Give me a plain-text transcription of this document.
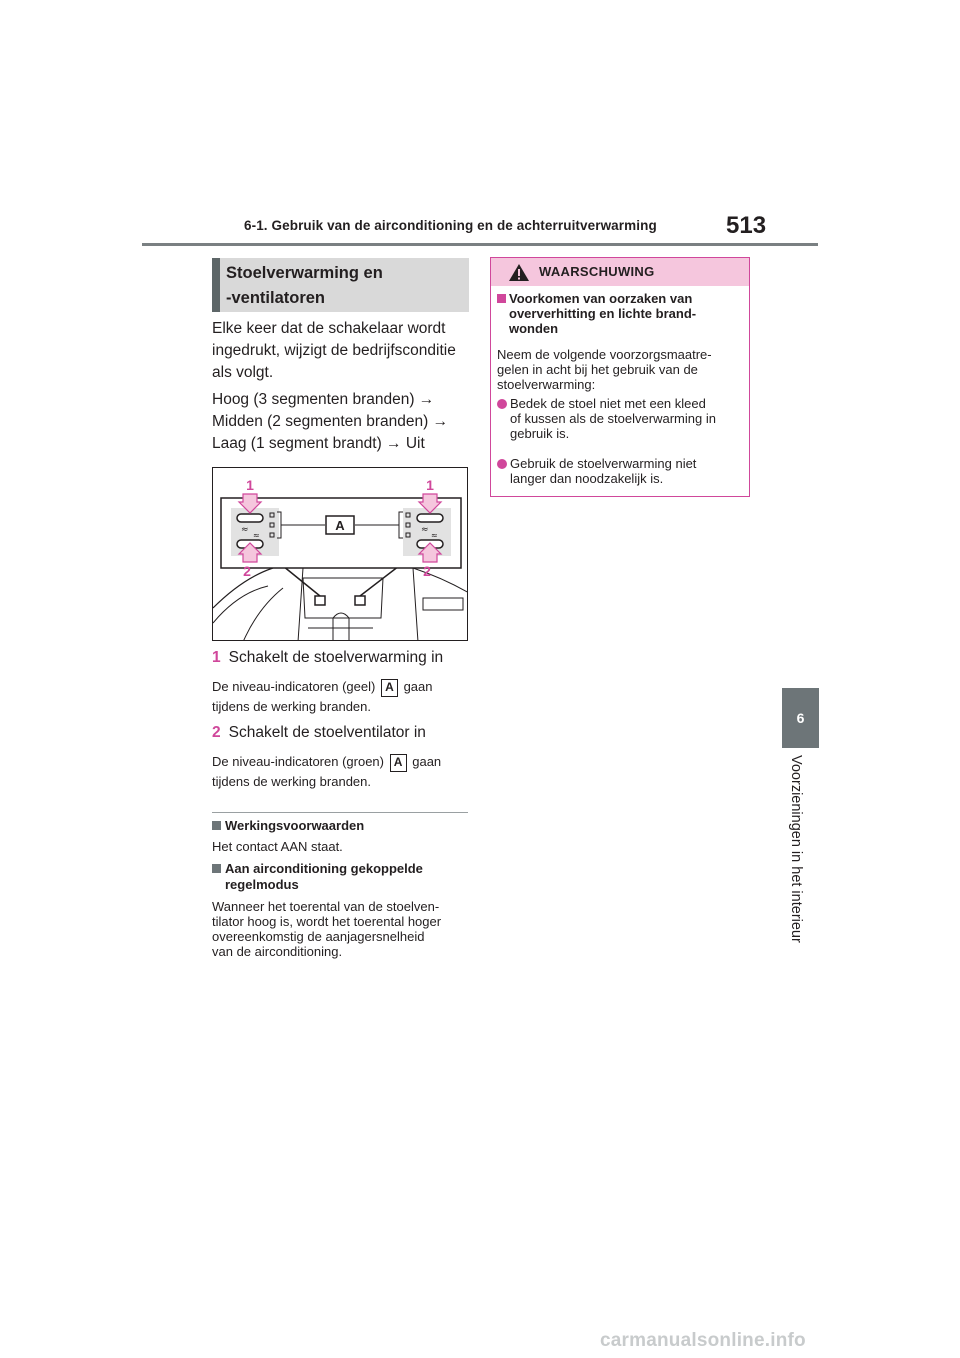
6-1. Gebruik van de airconditioning en de achterruitverwarming	513
6
Voorzieningen in het interieur
Stoelverwarming en
-ventilatoren
Elke keer dat de schakelaar wordt
ingedrukt, wijzigt de bedrijfsconditie
als volgt.
Hoog (3 segmenten branden) →
Midden (2 segmenten branden) →
Laag (1 segment brandt) → Uit
≈
≈
≈
≈
A
1	1
2	2
1 Schakelt de stoelverwarming in
De niveau-indicatoren (geel) A gaan
tijdens de werking branden.
2 Schakelt de stoelventilator in
De niveau-indicatoren (groen) A gaan
tijdens de werking branden.
Werkingsvoorwaarden
Het contact AAN staat.
Aan airconditioning gekoppelde
regelmodus
Wanneer het toerental van de stoelven-
tilator hoog is, wordt het toerental hoger
overeenkomstig de aanjagersnelheid
van de airconditioning.
WAARSCHUWING
Voorkomen van oorzaken van
oververhitting en lichte brand-
wonden
Neem de volgende voorzorgsmaatre-
gelen in acht bij het gebruik van de
stoelverwarming:
Bedek de stoel niet met een kleed
of kussen als de stoelverwarming in
gebruik is.
Gebruik de stoelverwarming niet
langer dan noodzakelijk is.
carmanualsonline.info
